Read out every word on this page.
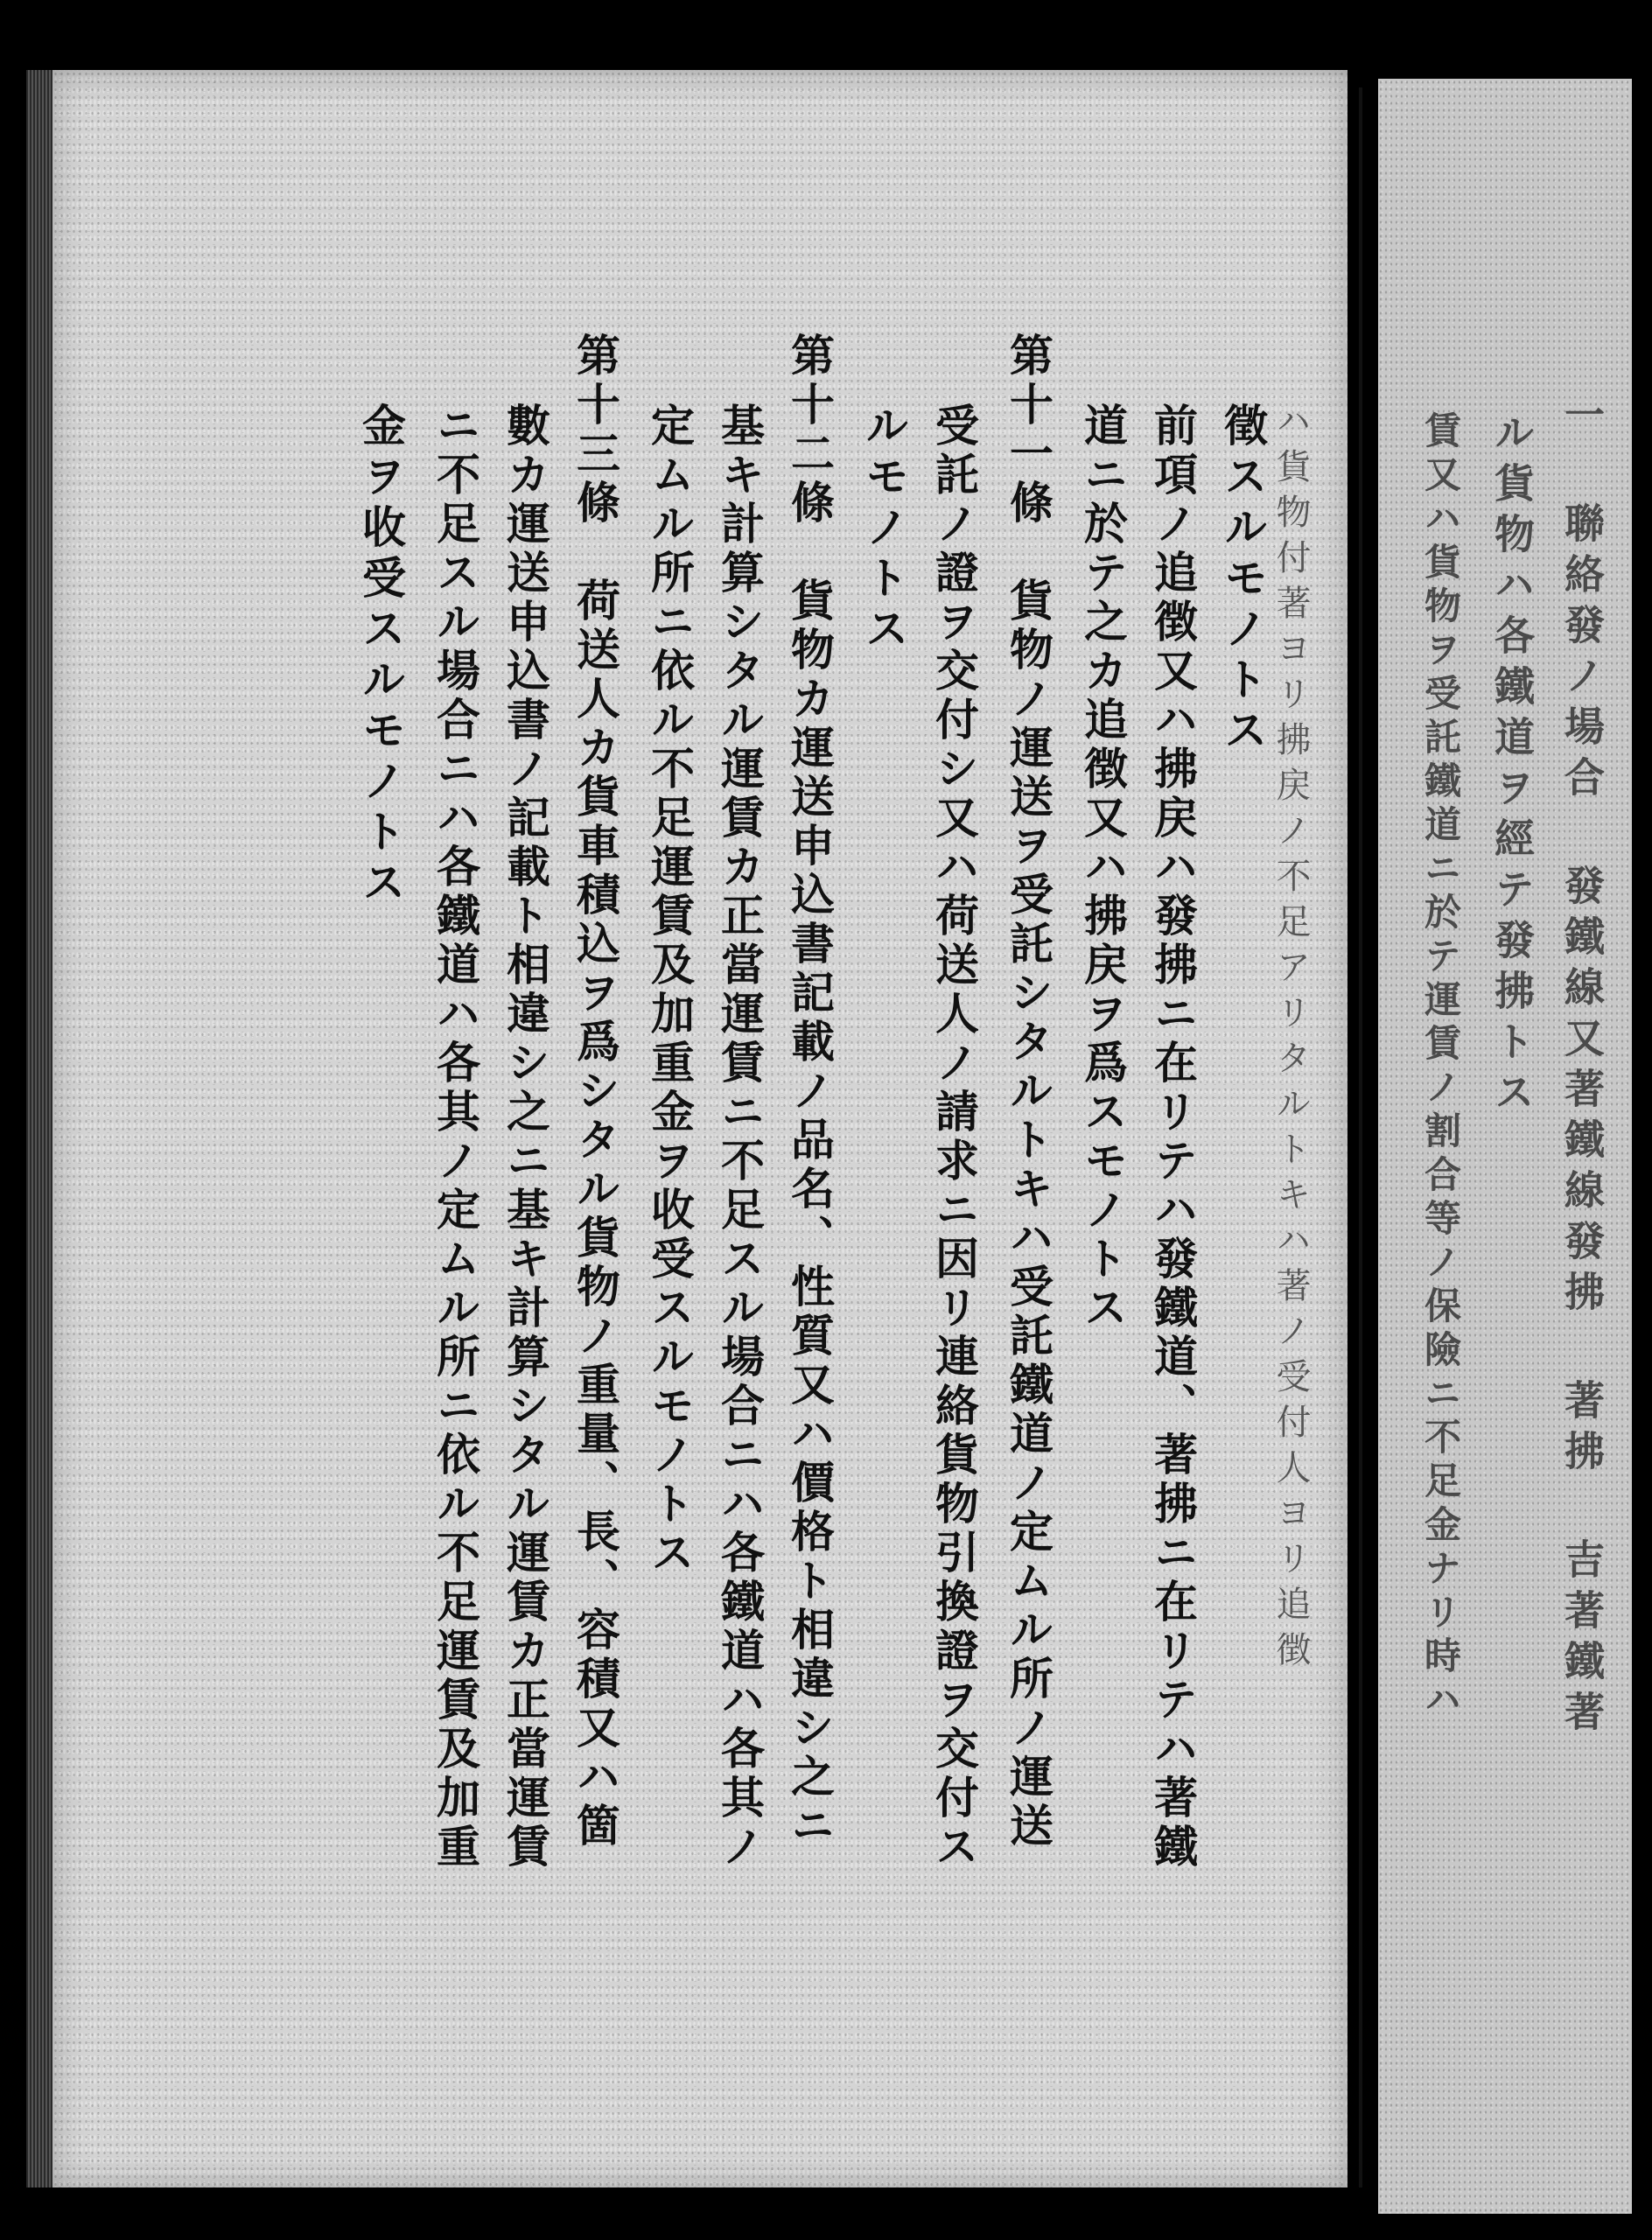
ハ貨物付著ヨリ拂戻ノ不足アリタルトキハ著ノ受付人ヨリ追徴
徵スルモノトス
前項ノ追徴又ハ拂戻ハ發拂ニ在リテハ發鐵道、著拂ニ在リテハ著鐵
道ニ於テ之カ追徴又ハ拂戻ヲ爲スモノトス
第十一條　貨物ノ運送ヲ受託シタルトキハ受託鐵道ノ定ムル所ノ運送
受託ノ證ヲ交付シ又ハ荷送人ノ請求ニ因リ連絡貨物引換證ヲ交付ス
ルモノトス
第十二條　貨物カ運送申込書記載ノ品名、性質又ハ價格ト相違シ之ニ
基キ計算シタル運賃カ正當運賃ニ不足スル場合ニハ各鐵道ハ各其ノ
定ムル所ニ依ル不足運賃及加重金ヲ收受スルモノトス
第十三條　荷送人カ貨車積込ヲ爲シタル貨物ノ重量、長、容積又ハ箇
數カ運送申込書ノ記載ト相違シ之ニ基キ計算シタル運賃カ正當運賃
ニ不足スル場合ニハ各鐵道ハ各其ノ定ムル所ニ依ル不足運賃及加重
金ヲ收受スルモノトス	一 聯絡發ノ場合 發鐵線又著鐵線發拂 著拂 吉著鐵著
ル貨物ハ各鐵道ヲ經テ發拂トス
賃又ハ貨物ヲ受託鐵道ニ於テ運賃ノ割合等ノ保險ニ不足金ナリ時ハ
